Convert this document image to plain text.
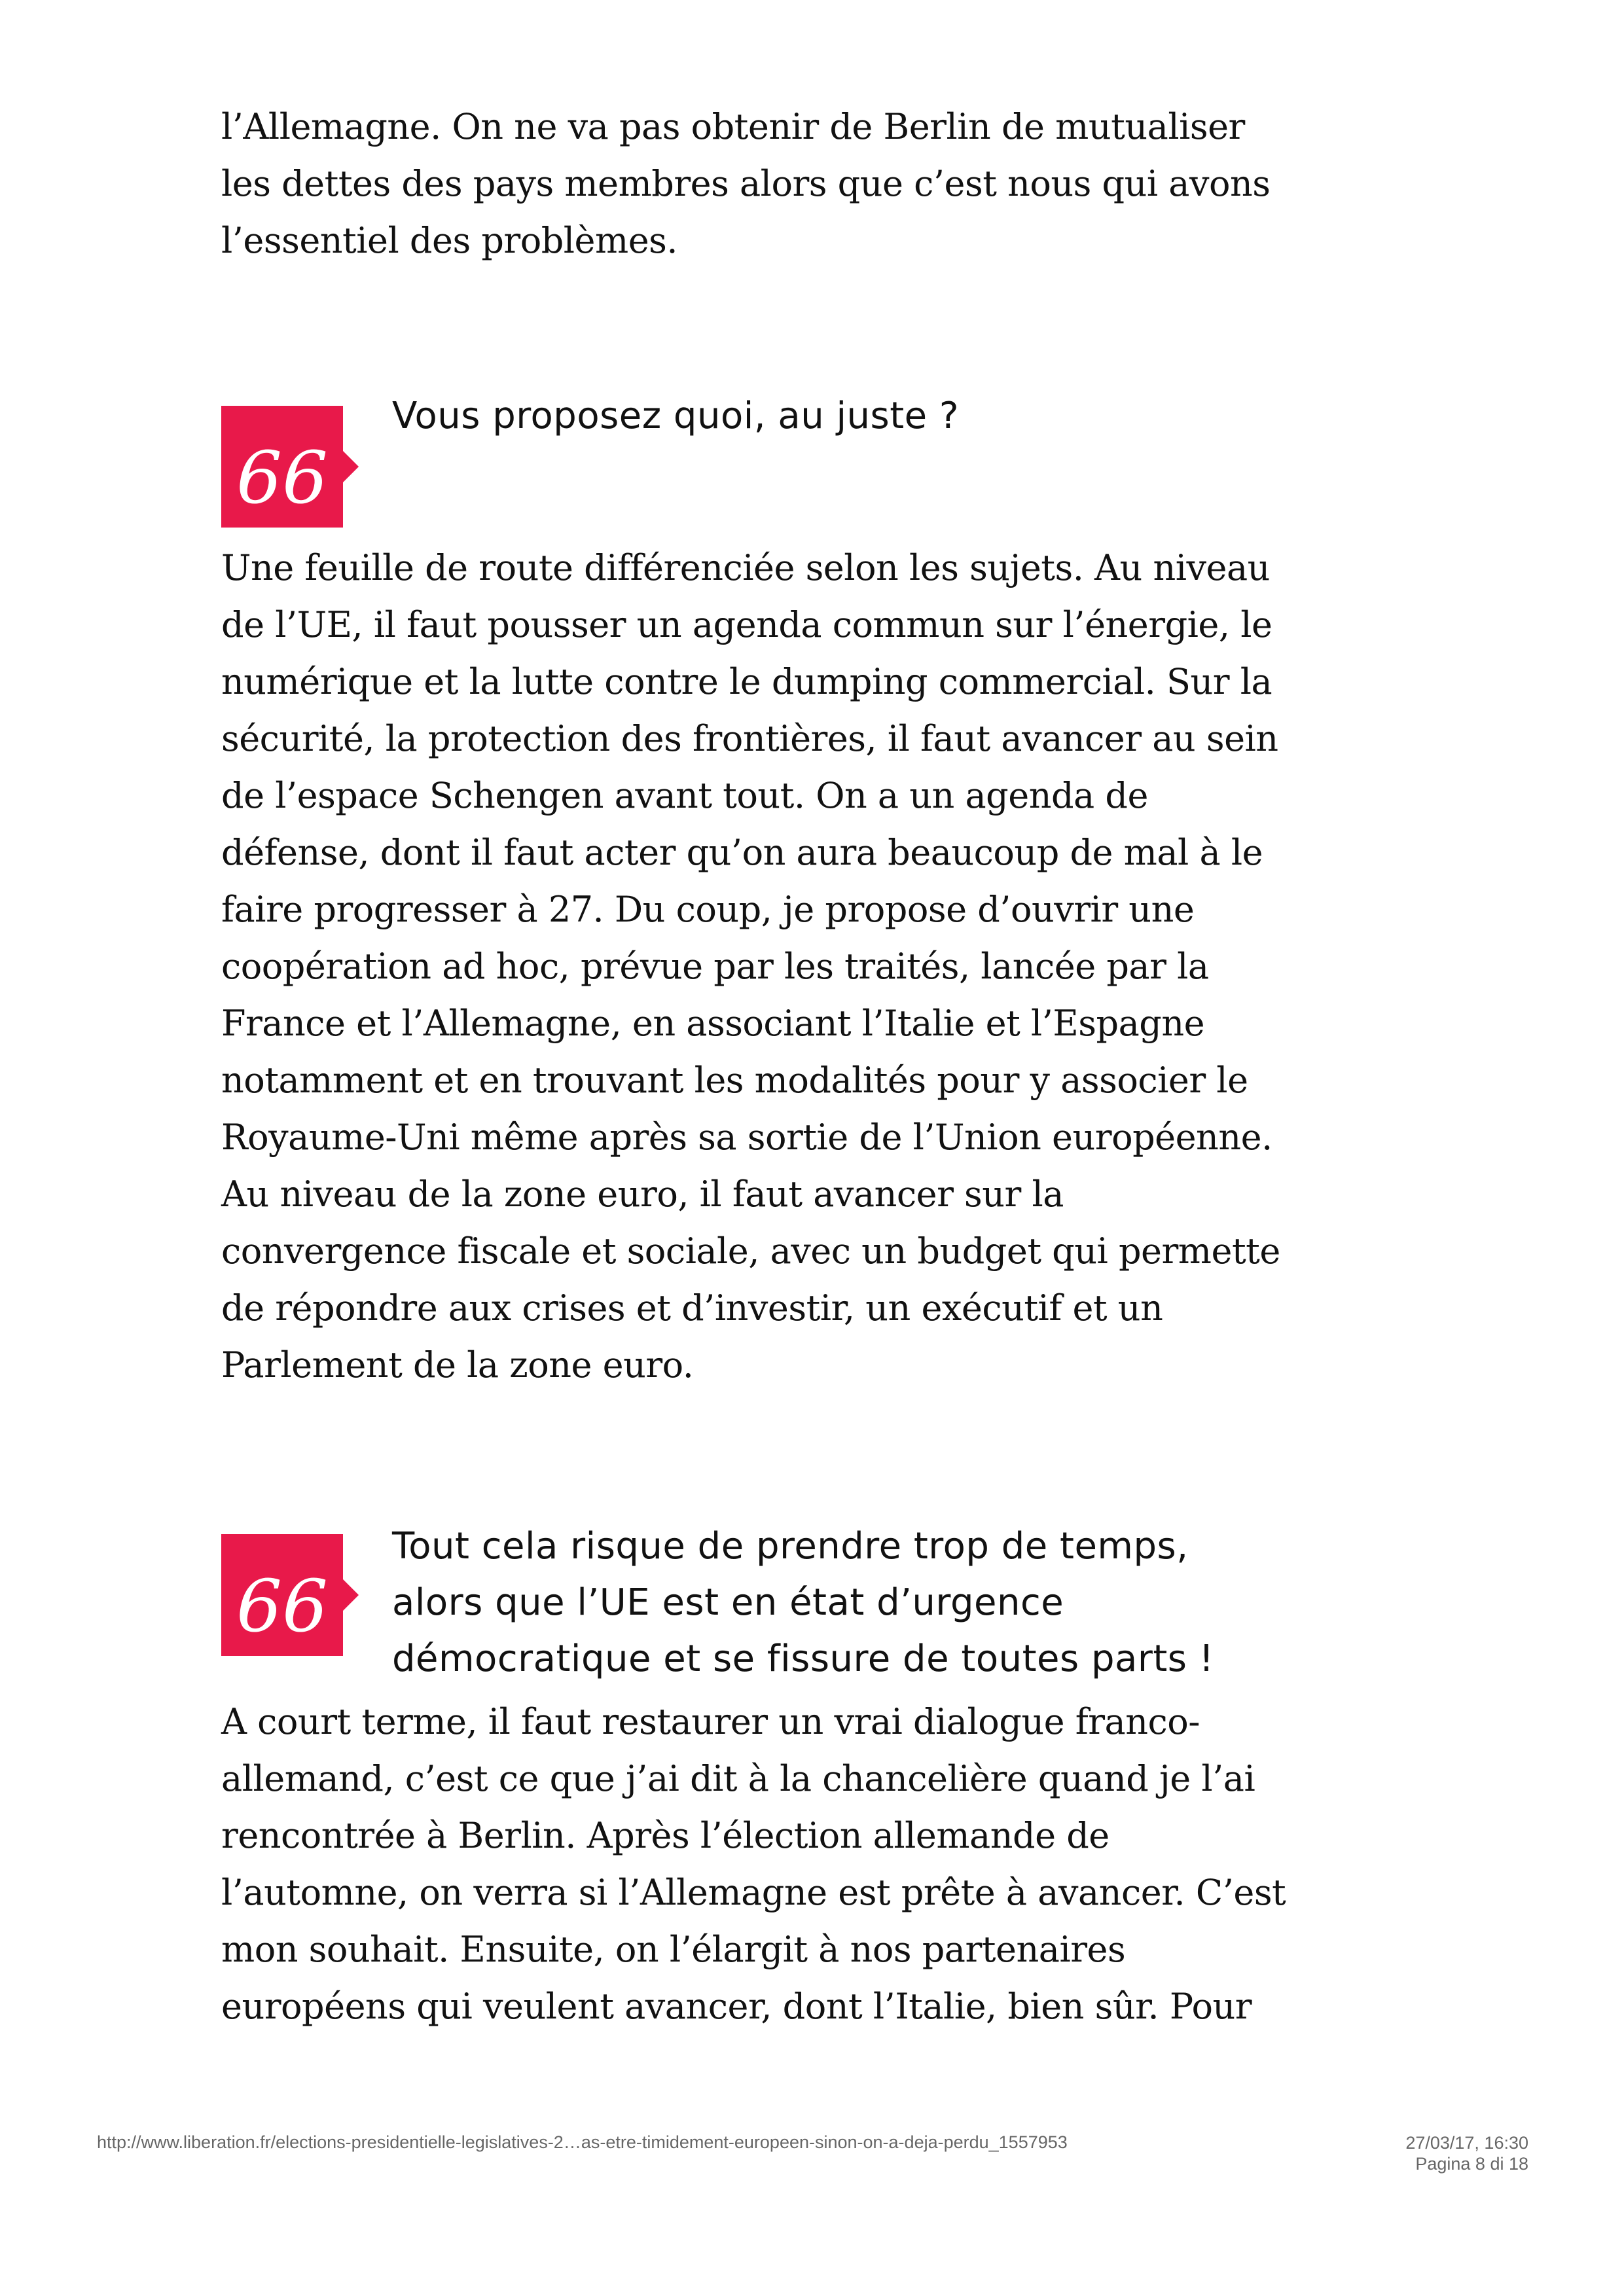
l’Allemagne. On ne va pas obtenir de Berlin de mutualiser
les dettes des pays membres alors que c’est nous qui avons
l’essentiel des problèmes.

66

Vous proposez quoi, au juste ?

Une feuille de route différenciée selon les sujets. Au niveau
de l’UE, il faut pousser un agenda commun sur l’énergie, le
numérique et la lutte contre le dumping commercial. Sur la
sécurité, la protection des frontières, il faut avancer au sein
de l’espace Schengen avant tout. On a un agenda de
défense, dont il faut acter qu’on aura beaucoup de mal à le
faire progresser à 27. Du coup, je propose d’ouvrir une
coopération ad hoc, prévue par les traités, lancée par la
France et l’Allemagne, en associant l’Italie et l’Espagne
notamment et en trouvant les modalités pour y associer le
Royaume-Uni même après sa sortie de l’Union européenne.
Au niveau de la zone euro, il faut avancer sur la
convergence fiscale et sociale, avec un budget qui permette
de répondre aux crises et d’investir, un exécutif et un
Parlement de la zone euro.

66

Tout cela risque de prendre trop de temps,
alors que l’UE est en état d’urgence
démocratique et se fissure de toutes parts !

A court terme, il faut restaurer un vrai dialogue franco-
allemand, c’est ce que j’ai dit à la chancelière quand je l’ai
rencontrée à Berlin. Après l’élection allemande de
l’automne, on verra si l’Allemagne est prête à avancer. C’est
mon souhait. Ensuite, on l’élargit à nos partenaires
européens qui veulent avancer, dont l’Italie, bien sûr. Pour

http://www.liberation.fr/elections-presidentielle-legislatives-2…as-etre-timidement-europeen-sinon-on-a-deja-perdu_1557953	27/03/17, 16:30
Pagina 8 di 18
